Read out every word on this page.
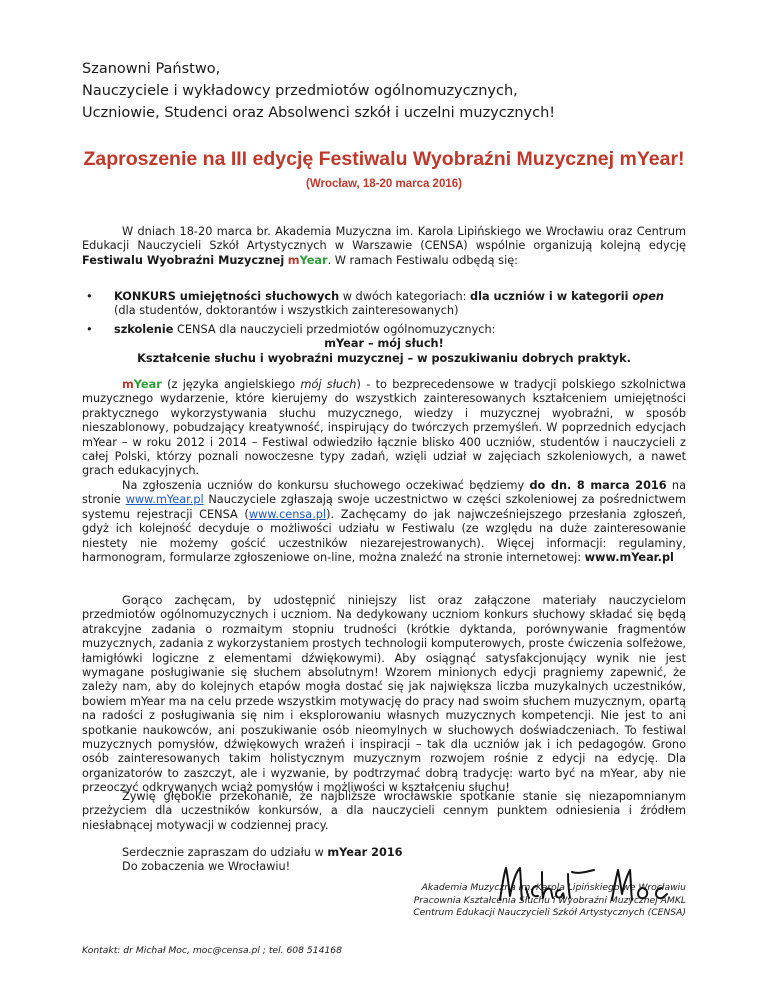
Szanowni Państwo,
Nauczyciele i wykładowcy przedmiotów ogólnomuzycznych,
Uczniowie, Studenci oraz Absolwenci szkół i uczelni muzycznych!
Zaproszenie na III edycję Festiwalu Wyobraźni Muzycznej mYear!
(Wrocław, 18-20 marca 2016)
W dniach 18-20 marca br. Akademia Muzyczna im. Karola Lipińskiego we Wrocławiu oraz Centrum Edukacji Nauczycieli Szkół Artystycznych w Warszawie (CENSA) wspólnie organizują kolejną edycję Festiwalu Wyobraźni Muzycznej mYear. W ramach Festiwalu odbędą się:
• KONKURS umiejętności słuchowych w dwóch kategoriach: dla uczniów i w kategorii open
(dla studentów, doktorantów i wszystkich zainteresowanych)
• szkolenie CENSA dla nauczycieli przedmiotów ogólnomuzycznych:
mYear – mój słuch!
Kształcenie słuchu i wyobraźni muzycznej – w poszukiwaniu dobrych praktyk.
mYear (z języka angielskiego mój słuch) - to bezprecedensowe w tradycji polskiego szkolnictwa muzycznego wydarzenie, które kierujemy do wszystkich zainteresowanych kształceniem umiejętności praktycznego wykorzystywania słuchu muzycznego, wiedzy i muzycznej wyobraźni, w sposób nieszablonowy, pobudzający kreatywność, inspirujący do twórczych przemyśleń. W poprzednich edycjach mYear – w roku 2012 i 2014 – Festiwal odwiedziło łącznie blisko 400 uczniów, studentów i nauczycieli z całej Polski, którzy poznali nowoczesne typy zadań, wzięli udział w zajęciach szkoleniowych, a nawet grach edukacyjnych.
Na zgłoszenia uczniów do konkursu słuchowego oczekiwać będziemy do dn. 8 marca 2016 na stronie www.mYear.pl Nauczyciele zgłaszają swoje uczestnictwo w części szkoleniowej za pośrednictwem systemu rejestracji CENSA (www.censa.pl). Zachęcamy do jak najwcześniejszego przesłania zgłoszeń, gdyż ich kolejność decyduje o możliwości udziału w Festiwalu (ze względu na duże zainteresowanie niestety nie możemy gościć uczestników niezarejestrowanych). Więcej informacji: regulaminy, harmonogram, formularze zgłoszeniowe on-line, można znaleźć na stronie internetowej: www.mYear.pl
Gorąco zachęcam, by udostępnić niniejszy list oraz załączone materiały nauczycielom przedmiotów ogólnomuzycznych i uczniom. Na dedykowany uczniom konkurs słuchowy składać się będą atrakcyjne zadania o rozmaitym stopniu trudności (krótkie dyktanda, porównywanie fragmentów muzycznych, zadania z wykorzystaniem prostych technologii komputerowych, proste ćwiczenia solfeżowe, łamigłówki logiczne z elementami dźwiękowymi). Aby osiągnąć satysfakcjonujący wynik nie jest wymagane posługiwanie się słuchem absolutnym! Wzorem minionych edycji pragniemy zapewnić, że zależy nam, aby do kolejnych etapów mogła dostać się jak największa liczba muzykalnych uczestników, bowiem mYear ma na celu przede wszystkim motywację do pracy nad swoim słuchem muzycznym, opartą na radości z posługiwania się nim i eksplorowaniu własnych muzycznych kompetencji. Nie jest to ani spotkanie naukowców, ani poszukiwanie osób nieomylnych w słuchowych doświadczeniach. To festiwal muzycznych pomysłów, dźwiękowych wrażeń i inspiracji – tak dla uczniów jak i ich pedagogów. Grono osób zainteresowanych takim holistycznym muzycznym rozwojem rośnie z edycji na edycję. Dla organizatorów to zaszczyt, ale i wyzwanie, by podtrzymać dobrą tradycję: warto być na mYear, aby nie przeoczyć odkrywanych wciąż pomysłów i możliwości w kształceniu słuchu!
Żywię głębokie przekonanie, że najbliższe wrocławskie spotkanie stanie się niezapomnianym przeżyciem dla uczestników konkursów, a dla nauczycieli cennym punktem odniesienia i źródłem niesłabnącej motywacji w codziennej pracy.
Serdecznie zapraszam do udziału w mYear 2016
Do zobaczenia we Wrocławiu!
Akademia Muzyczna im. Karola Lipińskiego we Wrocławiu
Pracownia Kształcenia Słuchu i Wyobraźni Muzycznej AMKL
Centrum Edukacji Nauczycieli Szkół Artystycznych (CENSA)
Kontakt: dr Michał Moc, moc@censa.pl ; tel. 608 514168
